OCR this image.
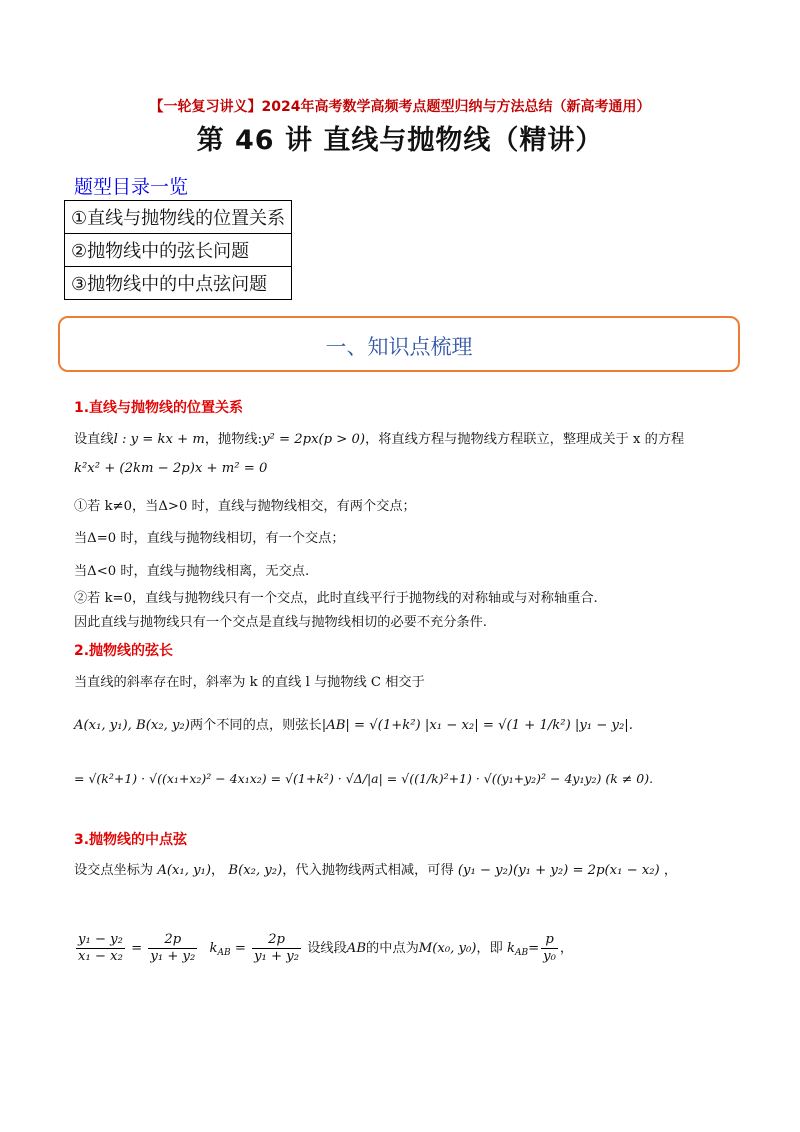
【一轮复习讲义】2024年高考数学高频考点题型归纳与方法总结（新高考通用）
第 46 讲 直线与抛物线（精讲）
题型目录一览
①直线与抛物线的位置关系
②抛物线中的弦长问题
③抛物线中的中点弦问题
一、知识点梳理
1.直线与抛物线的位置关系
设直线l : y = kx + m，抛物线:y² = 2px(p > 0)，将直线方程与抛物线方程联立，整理成关于 x 的方程
k²x² + (2km − 2p)x + m² = 0
①若 k≠0，当Δ>0 时，直线与抛物线相交，有两个交点；
当Δ=0 时，直线与抛物线相切，有一个交点；
当Δ<0 时，直线与抛物线相离，无交点.
②若 k=0，直线与抛物线只有一个交点，此时直线平行于抛物线的对称轴或与对称轴重合.
因此直线与抛物线只有一个交点是直线与抛物线相切的必要不充分条件.
2.抛物线的弦长
当直线的斜率存在时，斜率为 k 的直线 l 与抛物线 C 相交于
A(x₁, y₁), B(x₂, y₂)两个不同的点，则弦长|AB| = √(1+k²) |x₁ − x₂| = √(1 + 1/k²) |y₁ − y₂|.
= √(k²+1) · √((x₁+x₂)² − 4x₁x₂) = √(1+k²) · √Δ/|a| = √((1/k)²+1) · √((y₁+y₂)² − 4y₁y₂) (k ≠ 0).
3.抛物线的中点弦
设交点坐标为 A(x₁, y₁)， B(x₂, y₂)，代入抛物线两式相减，可得 (y₁ − y₂)(y₁ + y₂) = 2p(x₁ − x₂) ，
$\frac{\text{y₁ − y₂}}{\text{x₁ − x₂}} = \frac{2p}{\text{y₁ + y₂}} k_{AB} = \frac{2p}{\text{y₁ + y₂}}$ 设线段AB的中点为M(x₀, y₀)，即 $k_{AB}= \frac{p}{\text{y₀}}$ ，
